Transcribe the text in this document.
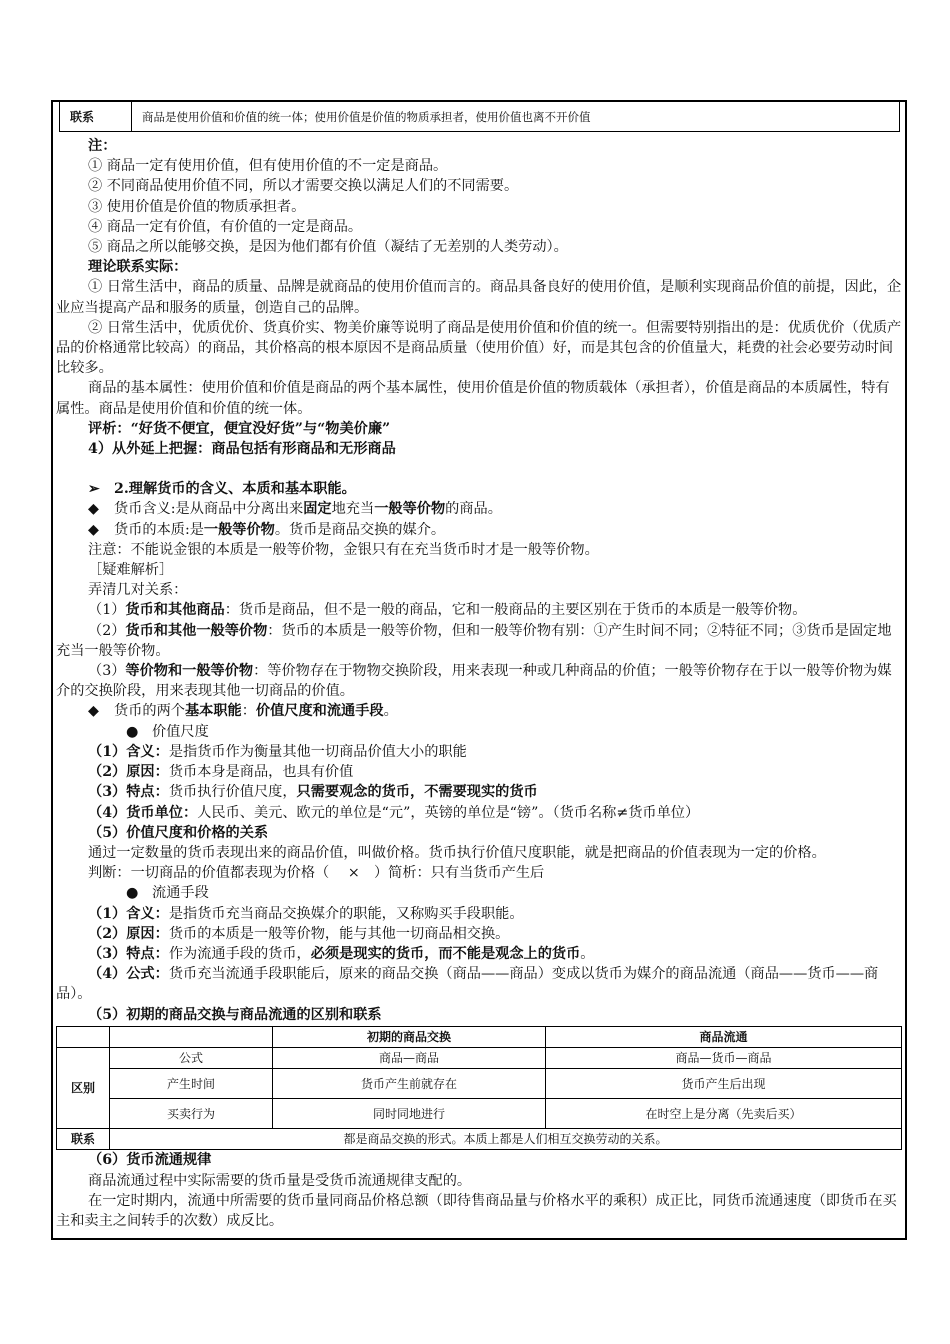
联系	商品是使用价值和价值的统一体；使用价值是价值的物质承担者，使用价值也离不开价值

注：

① 商品一定有使用价值，但有使用价值的不一定是商品。

② 不同商品使用价值不同，所以才需要交换以满足人们的不同需要。

③ 使用价值是价值的物质承担者。

④ 商品一定有价值，有价值的一定是商品。

⑤ 商品之所以能够交换，是因为他们都有价值（凝结了无差别的人类劳动）。

理论联系实际：

① 日常生活中，商品的质量、品牌是就商品的使用价值而言的。商品具备良好的使用价值，是顺利实现商品价值的前提，因此，企业应当提高产品和服务的质量，创造自己的品牌。

② 日常生活中，优质优价、货真价实、物美价廉等说明了商品是使用价值和价值的统一。但需要特别指出的是：优质优价（优质产品的价格通常比较高）的商品，其价格高的根本原因不是商品质量（使用价值）好，而是其包含的价值量大，耗费的社会必要劳动时间比较多。

商品的基本属性：使用价值和价值是商品的两个基本属性，使用价值是价值的物质载体（承担者），价值是商品的本质属性，特有属性。商品是使用价值和价值的统一体。

评析：“好货不便宜，便宜没好货”与“物美价廉”

4）从外延上把握：商品包括有形商品和无形商品

➢ 2.理解货币的含义、本质和基本职能。

◆ 货币含义:是从商品中分离出来固定地充当一般等价物的商品。

◆ 货币的本质:是一般等价物。货币是商品交换的媒介。

注意：不能说金银的本质是一般等价物，金银只有在充当货币时才是一般等价物。

［疑难解析］

弄清几对关系：

（1）货币和其他商品：货币是商品，但不是一般的商品，它和一般商品的主要区别在于货币的本质是一般等价物。

（2）货币和其他一般等价物：货币的本质是一般等价物，但和一般等价物有别：①产生时间不同；②特征不同；③货币是固定地充当一般等价物。

（3）等价物和一般等价物：等价物存在于物物交换阶段，用来表现一种或几种商品的价值；一般等价物存在于以一般等价物为媒介的交换阶段，用来表现其他一切商品的价值。

◆ 货币的两个基本职能：价值尺度和流通手段。

● 价值尺度

（1）含义：是指货币作为衡量其他一切商品价值大小的职能

（2）原因：货币本身是商品，也具有价值

（3）特点：货币执行价值尺度，只需要观念的货币，不需要现实的货币

（4）货币单位：人民币、美元、欧元的单位是“元”，英镑的单位是“镑”。（货币名称≠货币单位）

（5）价值尺度和价格的关系

通过一定数量的货币表现出来的商品价值，叫做价格。货币执行价值尺度职能，就是把商品的价值表现为一定的价格。

判断：一切商品的价值都表现为价格（　 ×　）简析：只有当货币产生后

● 流通手段

（1）含义：是指货币充当商品交换媒介的职能，又称购买手段职能。

（2）原因：货币的本质是一般等价物，能与其他一切商品相交换。

（3）特点：作为流通手段的货币，必须是现实的货币，而不能是观念上的货币。

（4）公式：货币充当流通手段职能后，原来的商品交换（商品——商品）变成以货币为媒介的商品流通（商品——货币——商品）。

（5）初期的商品交换与商品流通的区别和联系

		初期的商品交换	商品流通
区别	公式	商品—商品	商品—货币—商品
	产生时间	货币产生前就存在	货币产生后出现
	买卖行为	同时同地进行	在时空上是分离（先卖后买）
联系	都是商品交换的形式。本质上都是人们相互交换劳动的关系。		

（6）货币流通规律

商品流通过程中实际需要的货币量是受货币流通规律支配的。

在一定时期内，流通中所需要的货币量同商品价格总额（即待售商品量与价格水平的乘积）成正比，同货币流通速度（即货币在买主和卖主之间转手的次数）成反比。
